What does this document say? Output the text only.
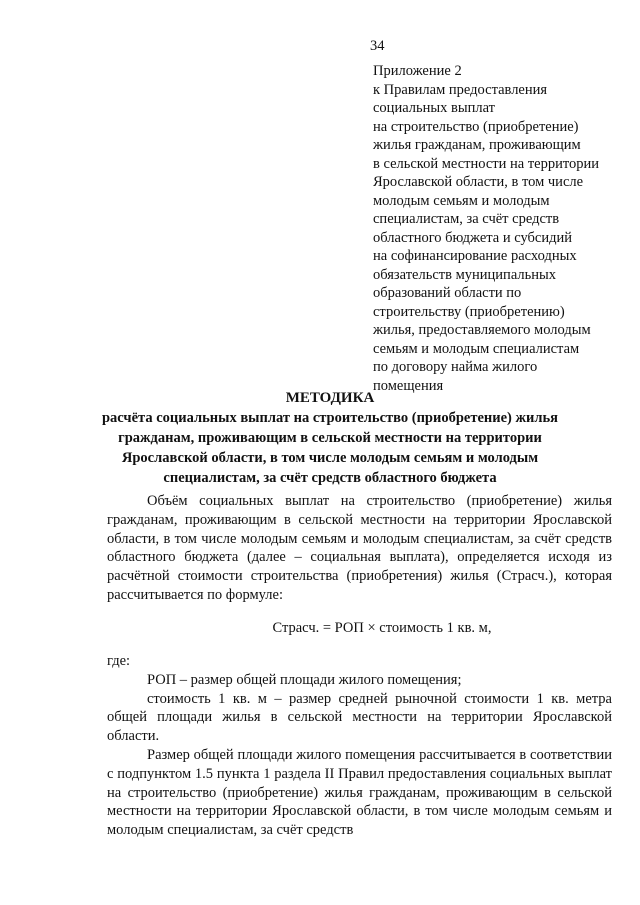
34
Приложение 2
к Правилам предоставления
социальных выплат
на строительство (приобретение)
жилья гражданам, проживающим
в сельской местности на территории
Ярославской области, в том числе
молодым семьям и молодым
специалистам, за счёт средств
областного бюджета и субсидий
на софинансирование расходных
обязательств муниципальных
образований области по
строительству (приобретению)
жилья, предоставляемого молодым
семьям и молодым специалистам
по договору найма жилого
помещения
МЕТОДИКА
расчёта социальных выплат на строительство (приобретение) жилья гражданам, проживающим в сельской местности на территории Ярославской области, в том числе молодым семьям и молодым специалистам, за счёт средств областного бюджета

Объём социальных выплат на строительство (приобретение) жилья гражданам, проживающим в сельской местности на территории Ярославской области, в том числе молодым семьям и молодым специалистам, за счёт средств областного бюджета (далее – социальная выплата), определяется исходя из расчётной стоимости строительства (приобретения) жилья (Страсч.), которая рассчитывается по формуле:

Страсч. = РОП × стоимость 1 кв. м,

где:

РОП – размер общей площади жилого помещения;

стоимость 1 кв. м – размер средней рыночной стоимости 1 кв. метра общей площади жилья в сельской местности на территории Ярославской области.

Размер общей площади жилого помещения рассчитывается в соответствии с подпунктом 1.5 пункта 1 раздела II Правил предоставления социальных выплат на строительство (приобретение) жилья гражданам, проживающим в сельской местности на территории Ярославской области, в том числе молодым семьям и молодым специалистам, за счёт средств
